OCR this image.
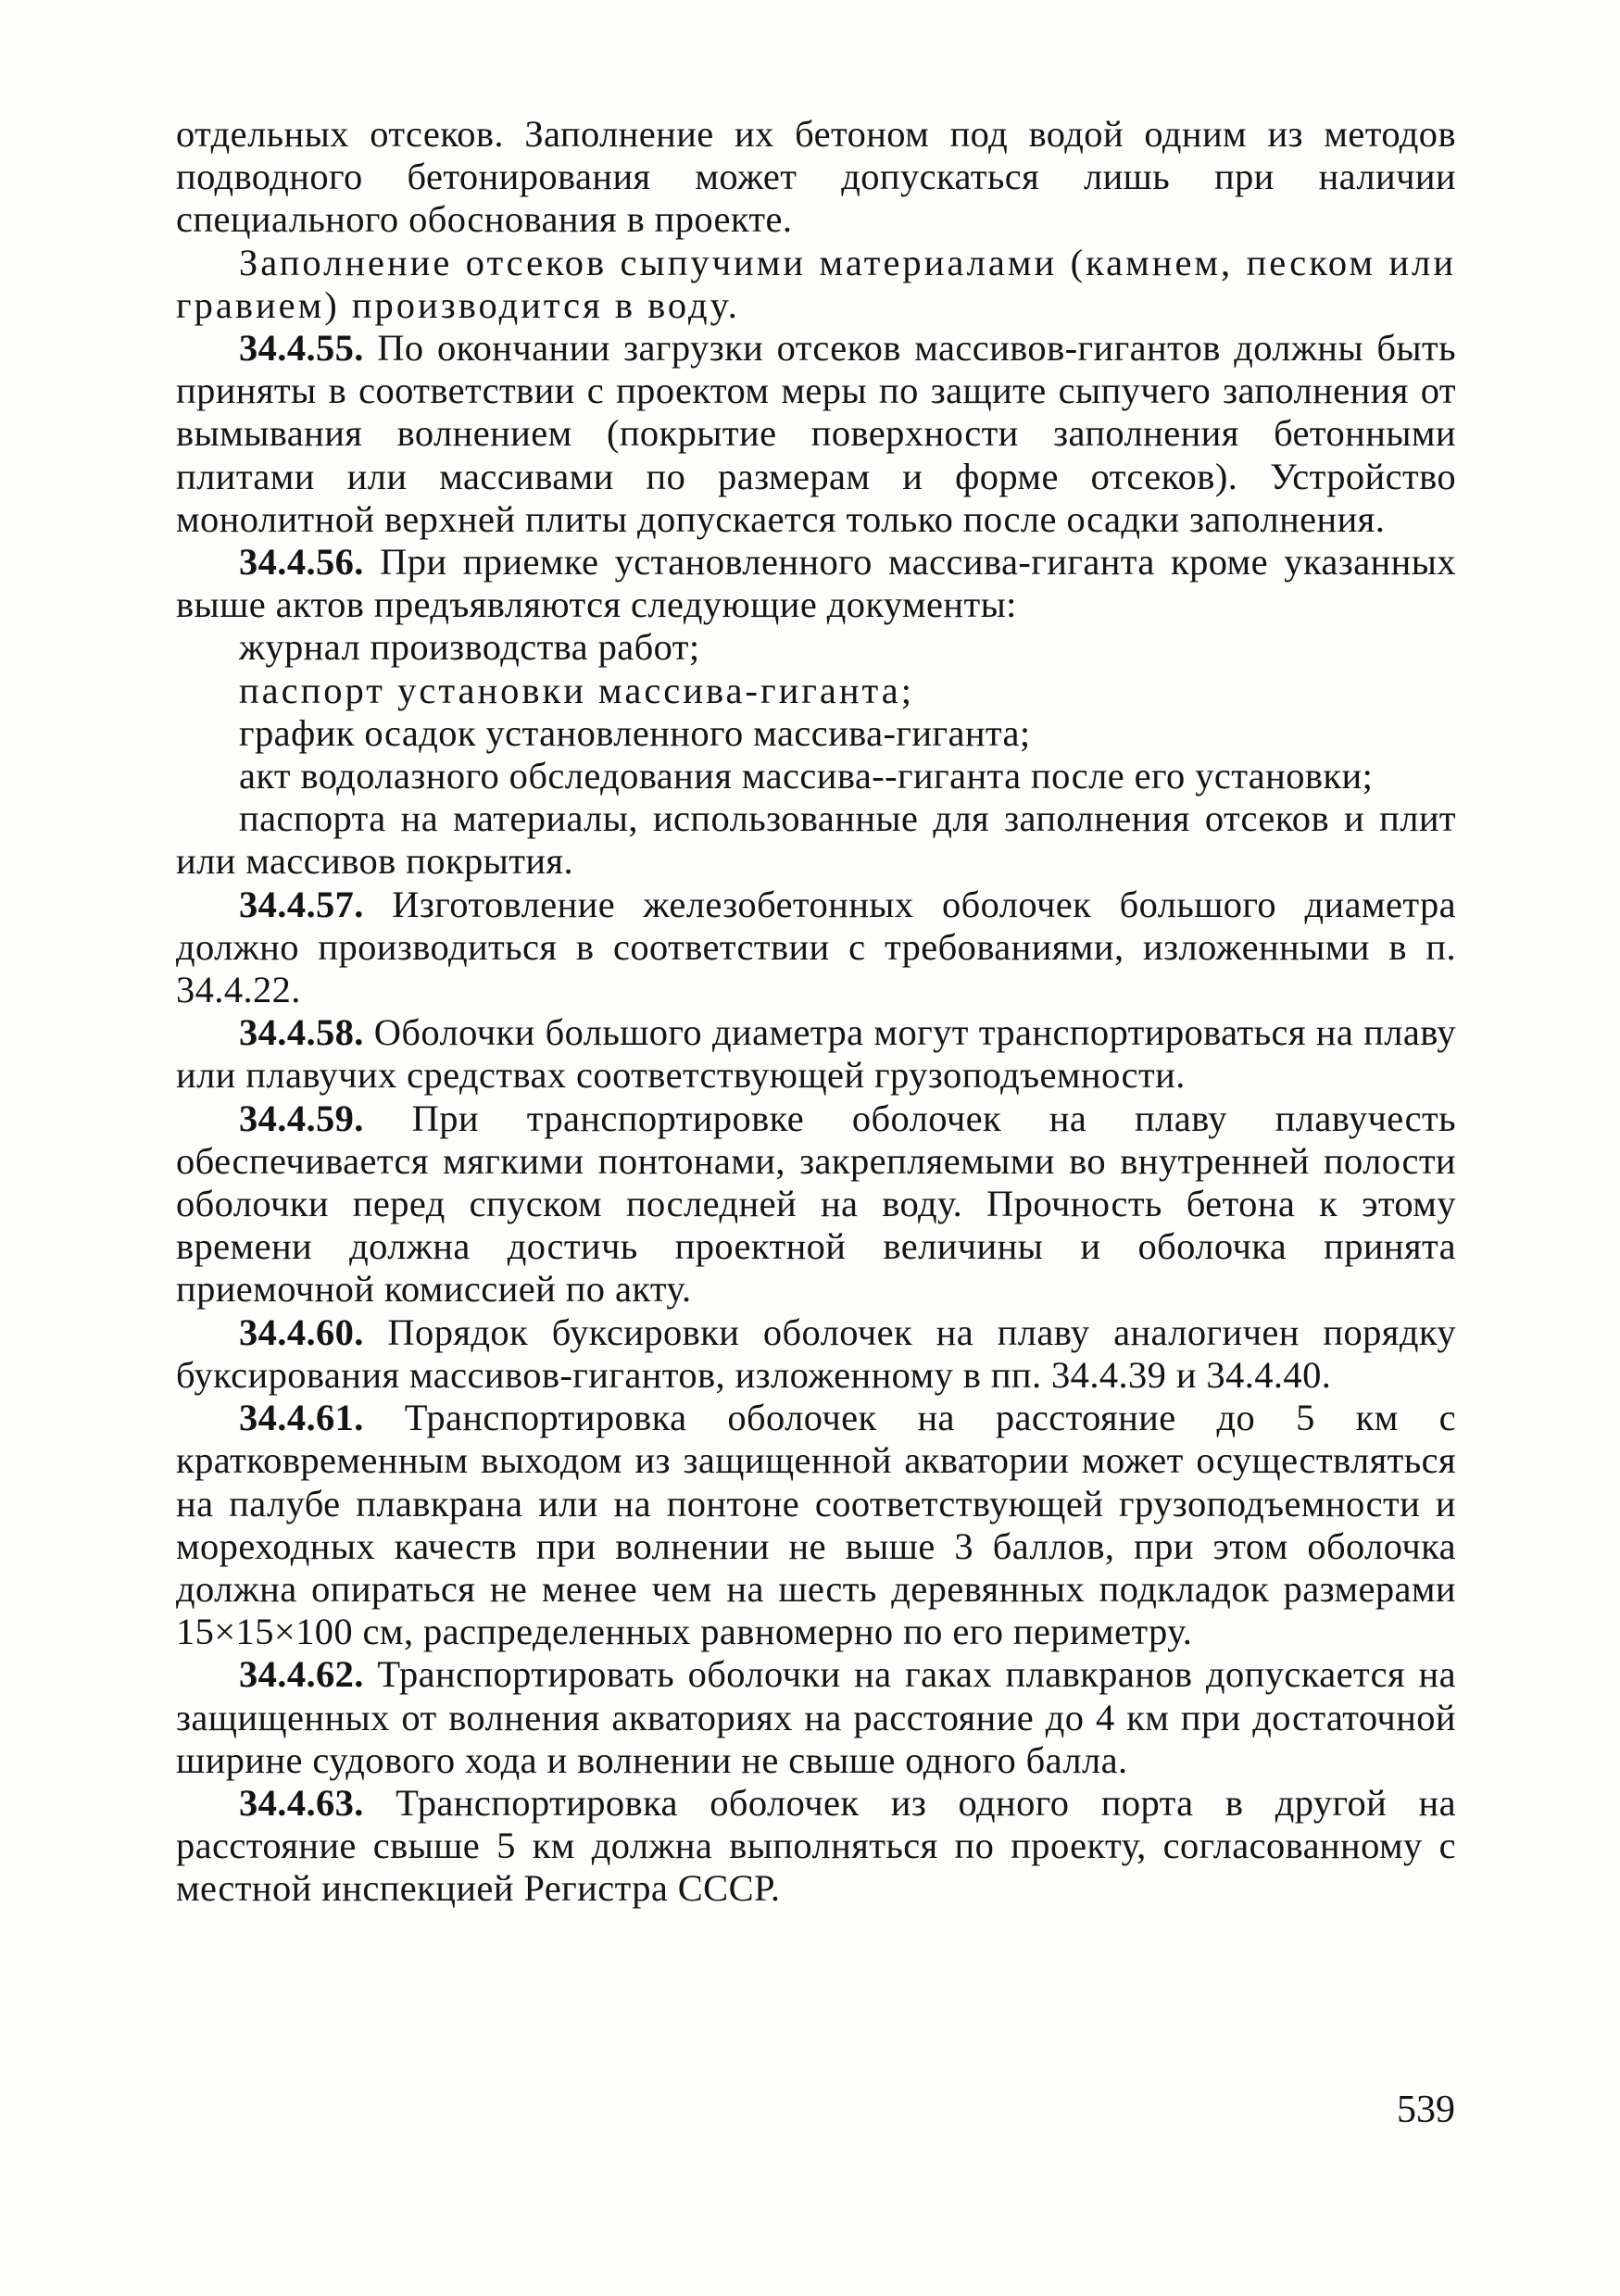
отдельных отсеков. Заполнение их бетоном под водой одним из методов подводного бетонирования может допускаться лишь при наличии специального обоснования в проекте.

Заполнение отсеков сыпучими материалами (камнем, песком или гравием) производится в воду.

34.4.55. По окончании загрузки отсеков массивов-гигантов должны быть приняты в соответствии с проектом меры по защите сыпучего заполнения от вымывания волнением (покрытие поверхности заполнения бетонными плитами или массивами по размерам и форме отсеков). Устройство монолитной верхней плиты допускается только после осадки заполнения.

34.4.56. При приемке установленного массива-гиганта кроме указанных выше актов предъявляются следующие документы:

журнал производства работ;

паспорт установки массива-гиганта;

график осадок установленного массива-гиганта;

акт водолазного обследования массива--гиганта после его установки;

паспорта на материалы, использованные для заполнения отсеков и плит или массивов покрытия.

34.4.57. Изготовление железобетонных оболочек большого диаметра должно производиться в соответствии с требованиями, изложенными в п. 34.4.22.

34.4.58. Оболочки большого диаметра могут транспортироваться на плаву или плавучих средствах соответствующей грузоподъемности.

34.4.59. При транспортировке оболочек на плаву плавучесть обеспечивается мягкими понтонами, закрепляемыми во внутренней полости оболочки перед спуском последней на воду. Прочность бетона к этому времени должна достичь проектной величины и оболочка принята приемочной комиссией по акту.

34.4.60. Порядок буксировки оболочек на плаву аналогичен порядку буксирования массивов-гигантов, изложенному в пп. 34.4.39 и 34.4.40.

34.4.61. Транспортировка оболочек на расстояние до 5 км с кратковременным выходом из защищенной акватории может осуществляться на палубе плавкрана или на понтоне соответствующей грузоподъемности и мореходных качеств при волнении не выше 3 баллов, при этом оболочка должна опираться не менее чем на шесть деревянных подкладок размерами 15×15×100 см, распределенных равномерно по его периметру.

34.4.62. Транспортировать оболочки на гаках плавкранов допускается на защищенных от волнения акваториях на расстояние до 4 км при достаточной ширине судового хода и волнении не свыше одного балла.

34.4.63. Транспортировка оболочек из одного порта в другой на расстояние свыше 5 км должна выполняться по проекту, согласованному с местной инспекцией Регистра СССР.

539
